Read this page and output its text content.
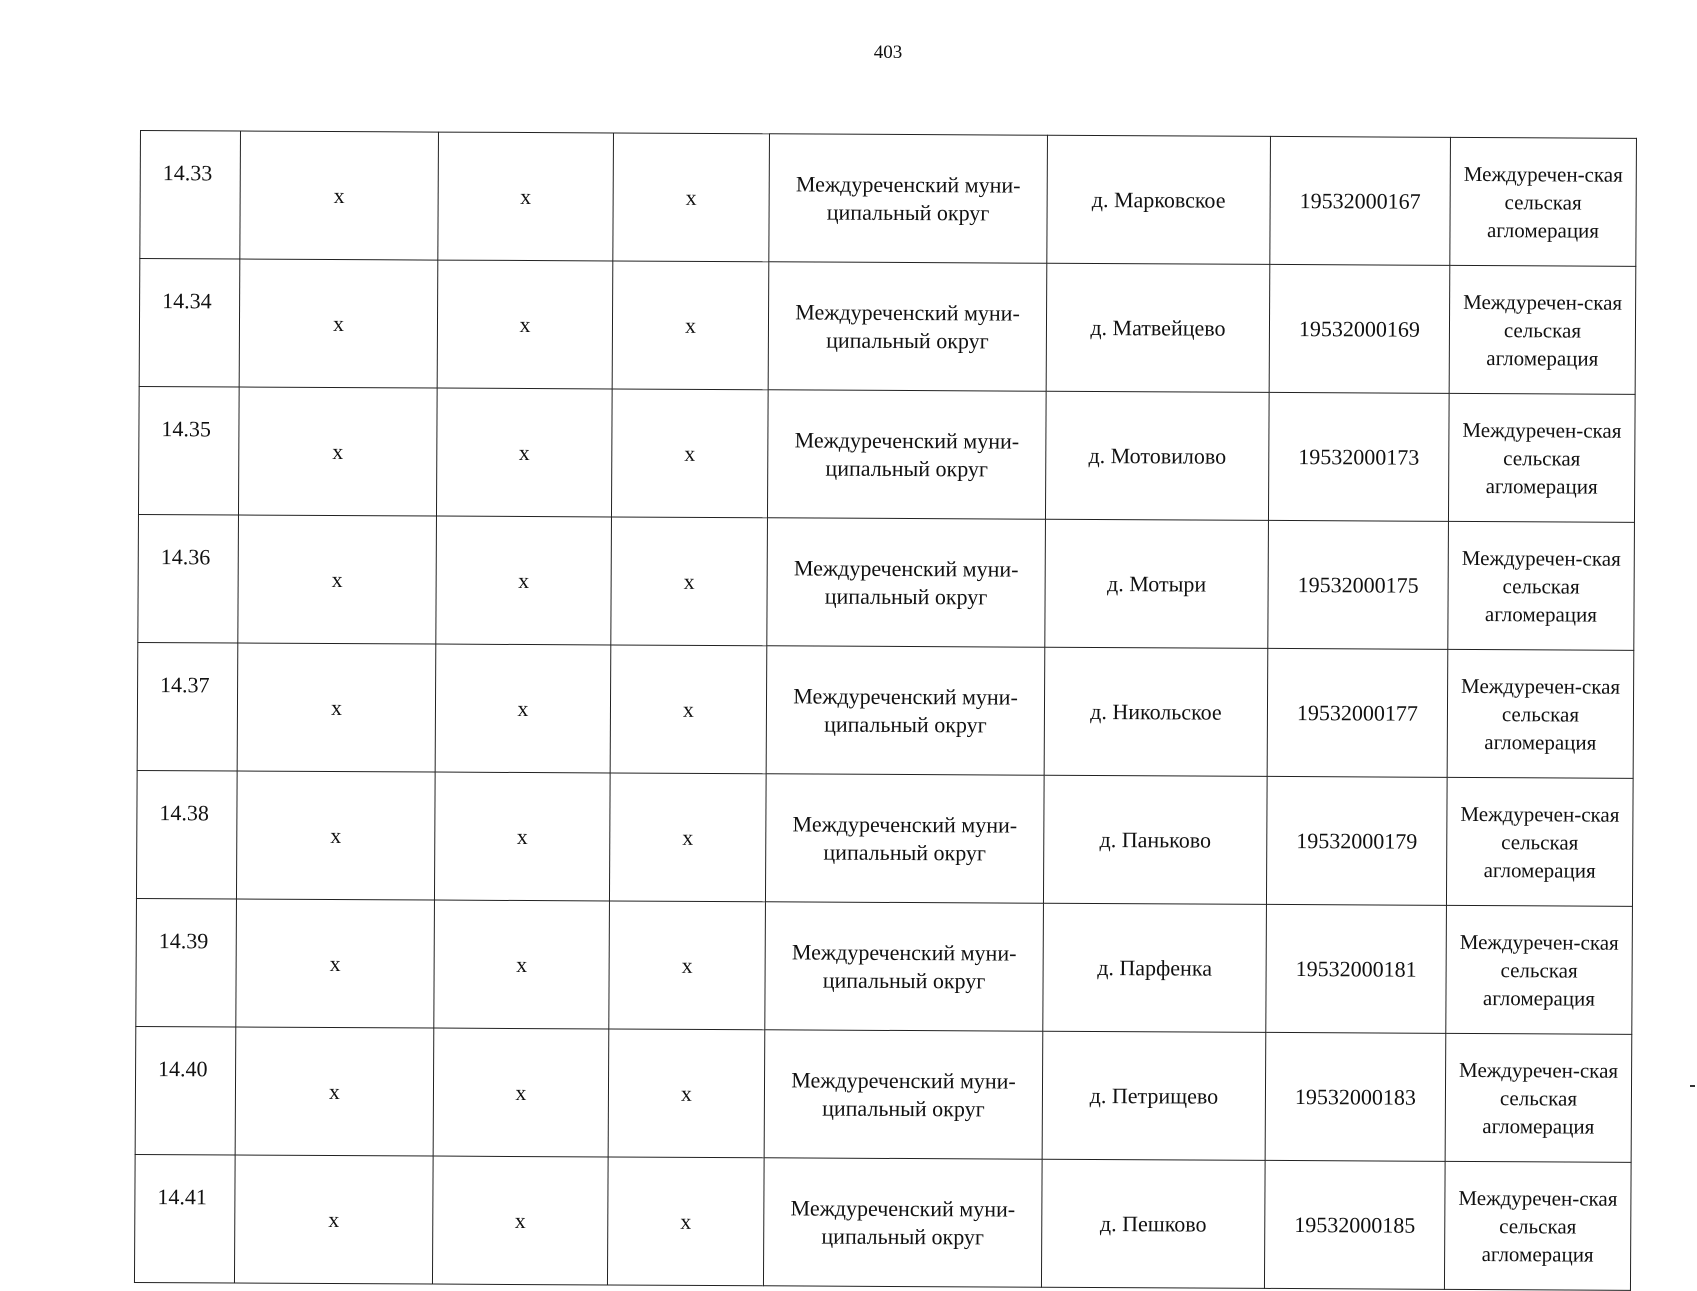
403
14.33	х	х	х	Междуреченский муни-ципальный округ	д. Марковское	19532000167	Междуречен-ская сельская агломерация
14.34	х	х	х	Междуреченский муни-ципальный округ	д. Матвейцево	19532000169	Междуречен-ская сельская агломерация
14.35	х	х	х	Междуреченский муни-ципальный округ	д. Мотовилово	19532000173	Междуречен-ская сельская агломерация
14.36	х	х	х	Междуреченский муни-ципальный округ	д. Мотыри	19532000175	Междуречен-ская сельская агломерация
14.37	х	х	х	Междуреченский муни-ципальный округ	д. Никольское	19532000177	Междуречен-ская сельская агломерация
14.38	х	х	х	Междуреченский муни-ципальный округ	д. Паньково	19532000179	Междуречен-ская сельская агломерация
14.39	х	х	х	Междуреченский муни-ципальный округ	д. Парфенка	19532000181	Междуречен-ская сельская агломерация
14.40	х	х	х	Междуреченский муни-ципальный округ	д. Петрищево	19532000183	Междуречен-ская сельская агломерация
14.41	х	х	х	Междуреченский муни-ципальный округ	д. Пешково	19532000185	Междуречен-ская сельская агломерация
